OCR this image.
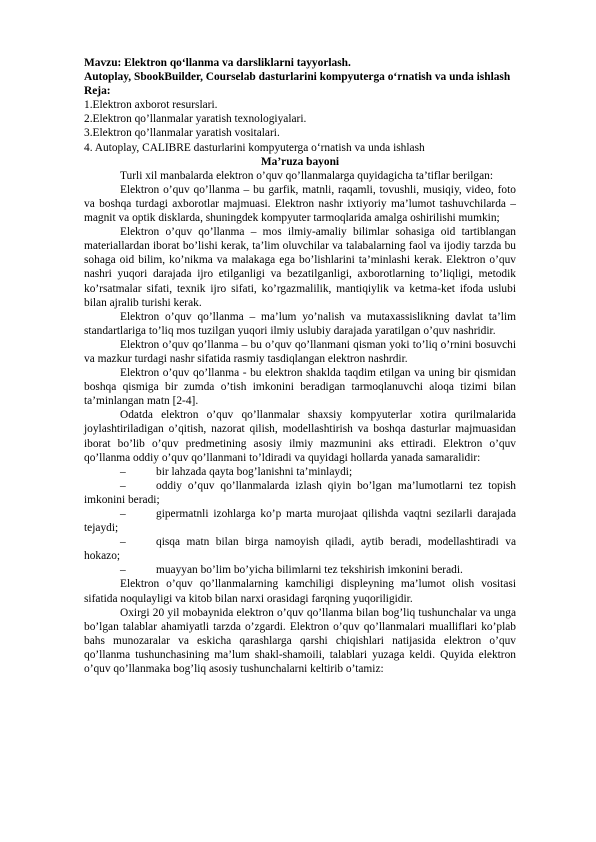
Mavzu: Elektron qo‘llanma va darsliklarni tayyorlash.

Autoplay, SbookBuilder, Courselab dasturlarini kompyuterga o‘rnatish va unda ishlash

Reja:

1.Elektron axborot resurslari.

2.Elektron qo’llanmalar yaratish texnologiyalari.

3.Elektron qo’llanmalar yaratish vositalari.

4. Autoplay, CALIBRE dasturlarini kompyuterga o‘rnatish va unda ishlash

Ma’ruza bayoni

Turli xil manbalarda elektron o’quv qo’llanmalarga quyidagicha ta’tiflar berilgan:

Elektron o’quv qo’llanma – bu garfik, matnli, raqamli, tovushli, musiqiy, video, foto va boshqa turdagi axborotlar majmuasi. Elektron nashr ixtiyoriy ma’lumot tashuvchilarda – magnit va optik disklarda, shuningdek kompyuter tarmoqlarida amalga oshirilishi mumkin;

Elektron o’quv qo’llanma – mos ilmiy-amaliy bilimlar sohasiga oid tartiblangan materiallardan iborat bo’lishi kerak, ta’lim oluvchilar va talabalarning faol va ijodiy tarzda bu sohaga oid bilim, ko’nikma va malakaga ega bo’lishlarini ta’minlashi kerak. Elektron o’quv nashri yuqori darajada ijro etilganligi va bezatilganligi, axborotlarning to’liqligi, metodik ko’rsatmalar sifati, texnik ijro sifati, ko’rgazmalilik, mantiqiylik va ketma-ket ifoda uslubi bilan ajralib turishi kerak.

Elektron o’quv qo’llanma – ma’lum yo’nalish va mutaxassislikning davlat ta’lim standartlariga to’liq mos tuzilgan yuqori ilmiy uslubiy darajada yaratilgan o’quv nashridir.

Elektron o’quv qo’llanma – bu o’quv qo’llanmani qisman yoki to’liq o’rnini bosuvchi va mazkur turdagi nashr sifatida rasmiy tasdiqlangan elektron nashrdir.

Elektron o’quv qo’llanma - bu elektron shaklda taqdim etilgan va uning bir qismidan boshqa qismiga bir zumda o’tish imkonini beradigan tarmoqlanuvchi aloqa tizimi bilan ta’minlangan matn [2-4].

Odatda elektron o’quv qo’llanmalar shaxsiy kompyuterlar xotira qurilmalarida joylashtiriladigan o’qitish, nazorat qilish, modellashtirish va boshqa dasturlar majmuasidan iborat bo’lib o’quv predmetining asosiy ilmiy mazmunini aks ettiradi. Elektron o’quv qo’llanma oddiy o’quv qo’llanmani to’ldiradi va quyidagi hollarda yanada samaralidir:

–	bir lahzada qayta bog’lanishni ta’minlaydi;

–	oddiy o’quv qo’llanmalarda izlash qiyin bo’lgan ma’lumotlarni tez topish imkonini beradi;

–	gipermatnli izohlarga ko’p marta murojaat qilishda vaqtni sezilarli darajada tejaydi;

–	qisqa matn bilan birga namoyish qiladi, aytib beradi, modellashtiradi va hokazo;

–	muayyan bo’lim bo’yicha bilimlarni tez tekshirish imkonini beradi.

Elektron o’quv qo’llanmalarning kamchiligi displeyning ma’lumot olish vositasi sifatida noqulayligi va kitob bilan narxi orasidagi farqning yuqoriligidir.

Oxirgi 20 yil mobaynida elektron o’quv qo’llanma bilan bog’liq tushunchalar va unga bo’lgan talablar ahamiyatli tarzda o’zgardi. Elektron o’quv qo’llanmalari mualliflari ko’plab bahs munozaralar va eskicha qarashlarga qarshi chiqishlari natijasida elektron o’quv qo’llanma tushunchasining ma’lum shakl-shamoili, talablari yuzaga keldi. Quyida elektron o’quv qo’llanmaka bog’liq asosiy tushunchalarni keltirib o’tamiz:
